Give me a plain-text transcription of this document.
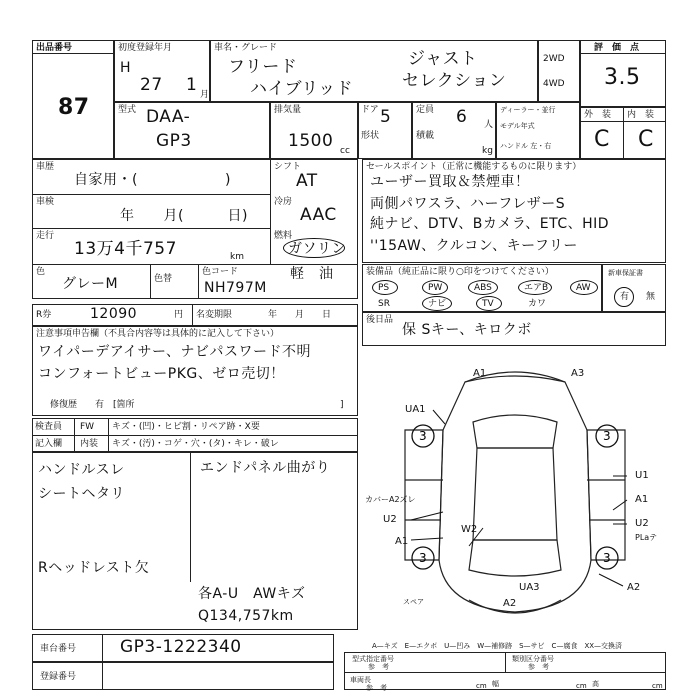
出品番号
87
初度登録年月
H
27 1 月
車名・グレード
フリード
ハイブリッド
ジャスト
セレクション
2WD
4WD
評　価　点
3.5
型式 DAA-
GP3
排気量
1500 cc
ドア 5
形状
定員 6 人
積載
kg
ディーラー・並行
モデル年式
ハンドル 左・右
外　装 内　装
C C
車歴
自家用・(　　　　　　)
車検
年　　月(　　　日)
走行
13万4千757	km
シフト
AT
冷房
AAC
燃料
ガソリン
軽　油
色
グレーM	色替
色コード
NH797M
R券	12090	円 名変期限	年　　月　　日
注意事項申告欄（不具合内容等は具体的に記入して下さい）
ワイパーデアイサー、ナビパスワード不明
コンフォートビューPKG、ゼロ売切！
修復歴　　有　[箇所	]
検査員
記入欄
FW キズ・(凹)・ヒビ割・リペア跡・X要
内装 キズ・(汚)・コゲ・穴・(タ)・キレ・破レ
ハンドルスレ
シートヘタリ
Rヘッドレスト欠
エンドパネル曲がり
各A-U　AWキズ
Q134,757km
セールスポイント（正常に機能するものに限ります）
ユーザー買取＆禁煙車！
両側パワスラ、ハーフレザーS
純ナビ、DTV、Bカメラ、ETC、HID
''15AW、クルコン、キーフリー
装備品（純正品に限り○印をつけてください）
PS	PW	ABS	エアB	AW
SR	ナビ	TV	カワ
新車保証書
有 無
後日品
保 Sキー、キロクボ
3	3
3	3
A1	A3
UA1
U1
A1
カバーA2ズレ
U2	U2
PLaテ
A1
W2
A2
UA3
A2
スペア
車台番号	GP3-1222340
登録番号
A—キズ　E—エクボ　U—凹み　W—補修跡　S—サビ　C—腐食　XX—交換済
型式指定番号
参　考
類別区分番号
参　考
車両長
参　考	cm 幅	cm 高	cm
